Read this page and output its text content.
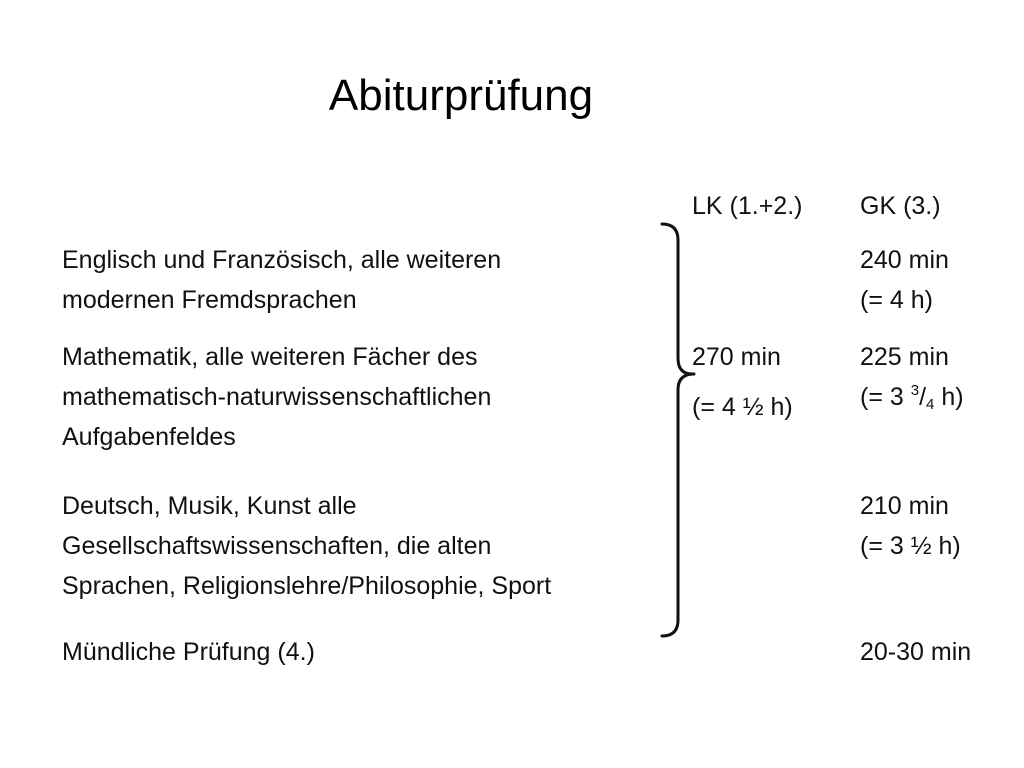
Abiturprüfung
LK (1.+2.) GK (3.)
Englisch und Französisch, alle weiteren
modernen Fremdsprachen
240 min
(= 4 h)
Mathematik, alle weiteren Fächer des
mathematisch-naturwissenschaftlichen
Aufgabenfeldes
270 min
(= 4 ½ h)
225 min
(= 3 $^3/_4$ h)
Deutsch, Musik, Kunst alle
Gesellschaftswissenschaften, die alten
Sprachen, Religionslehre/Philosophie, Sport
210 min
(= 3 ½ h)
Mündliche Prüfung (4.)	20-30 min
